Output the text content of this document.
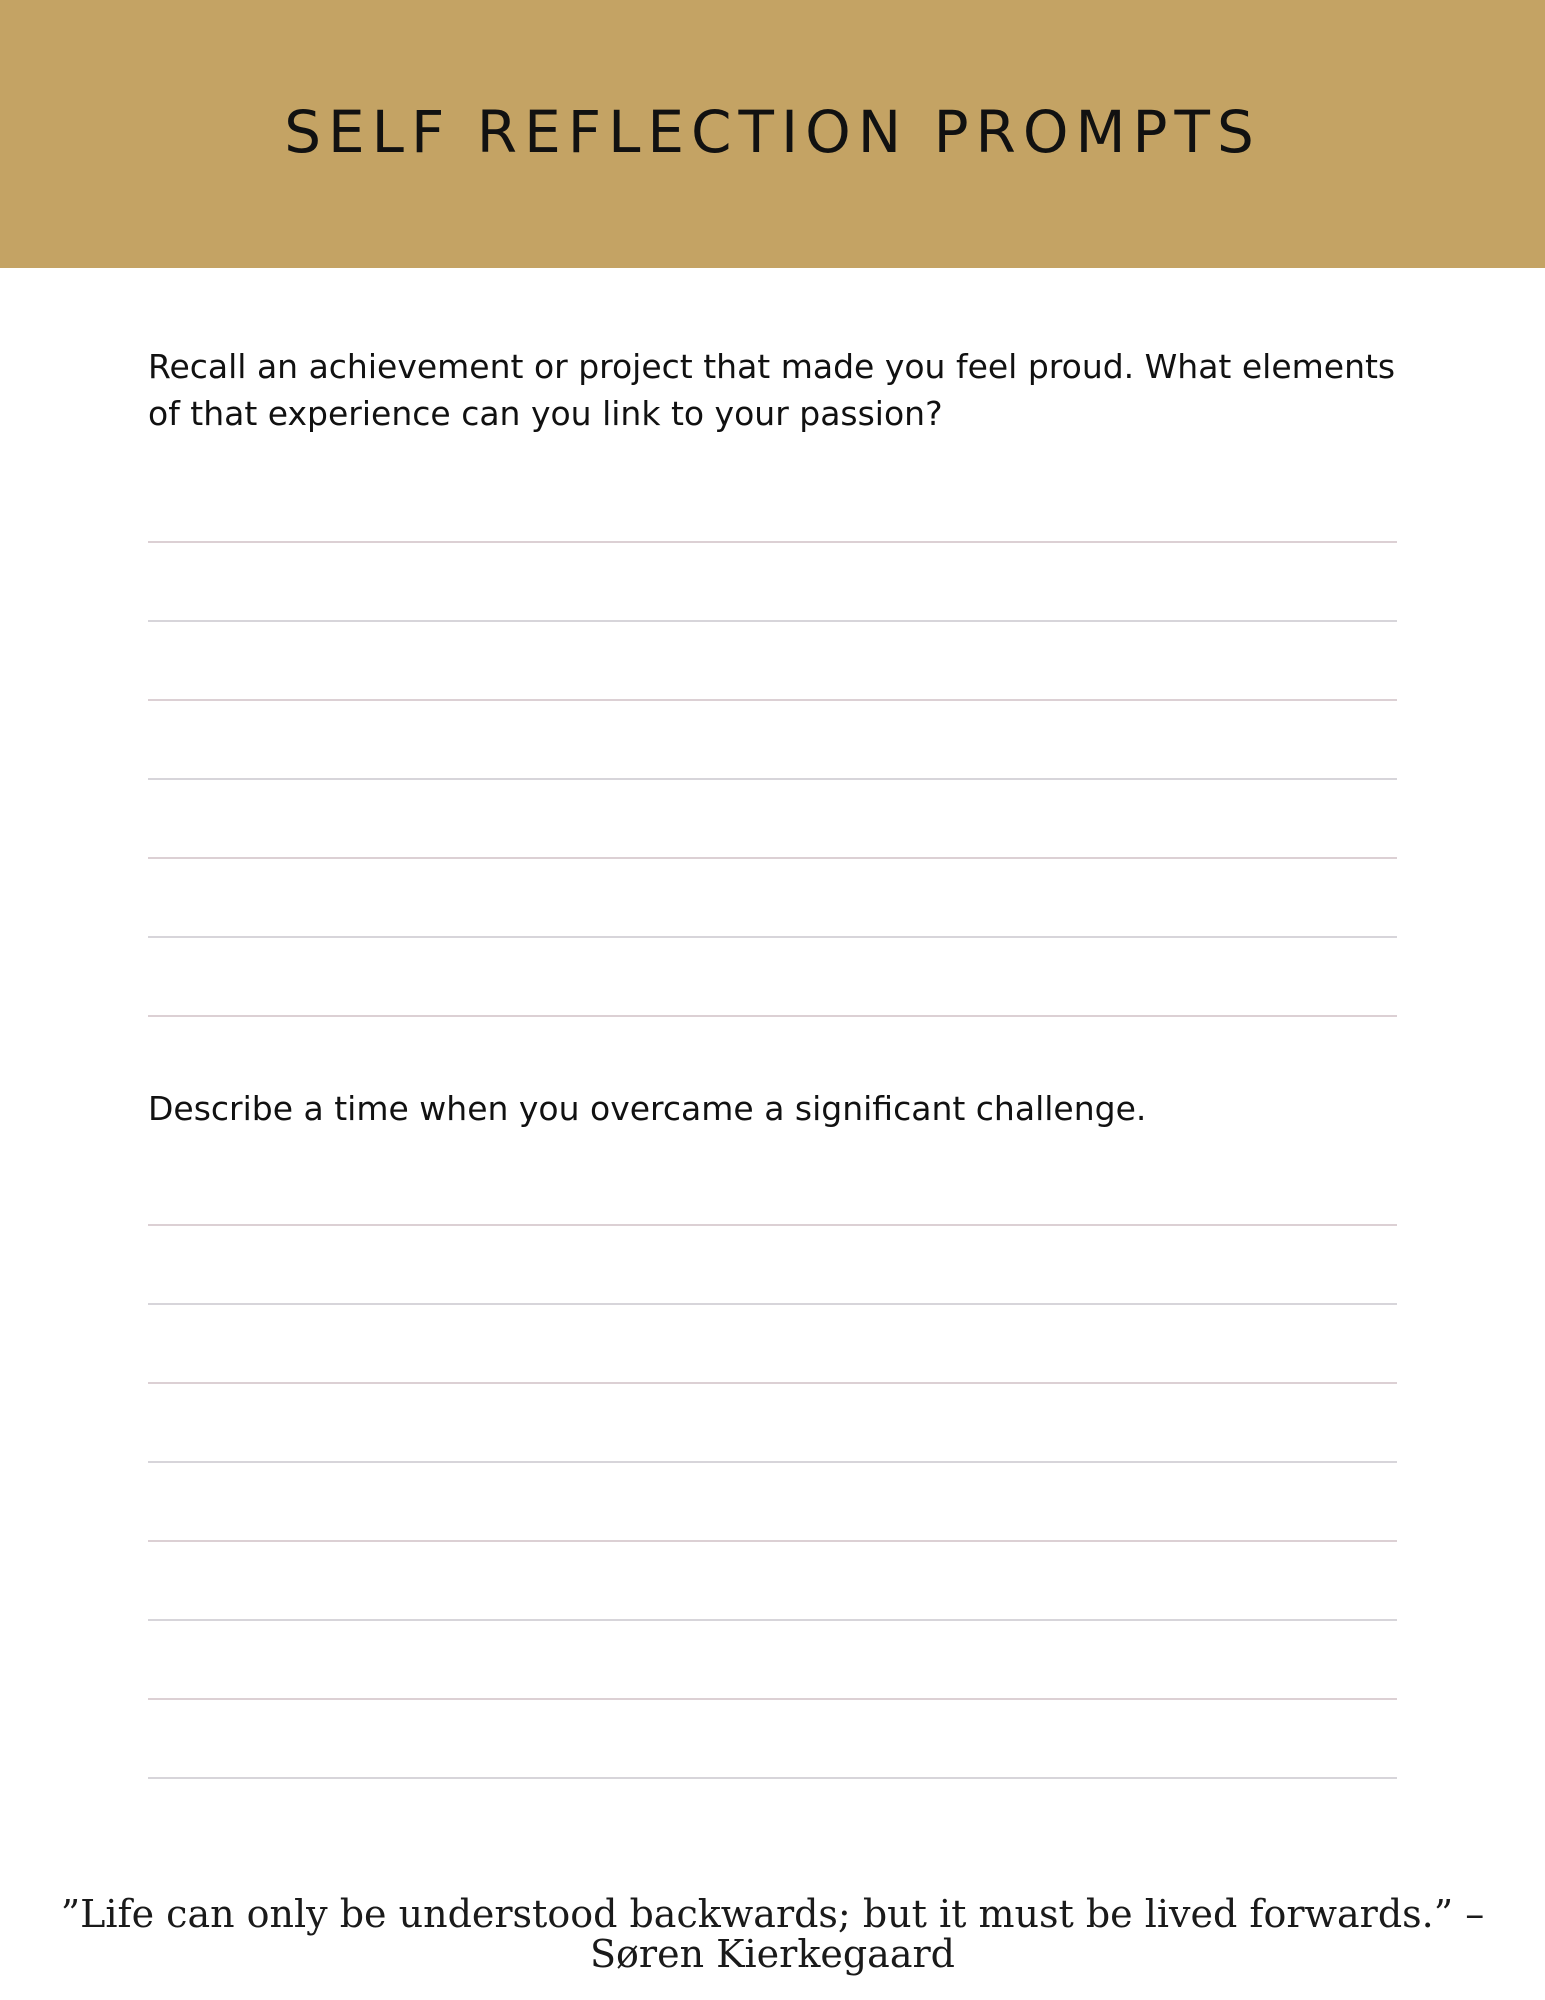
SELF REFLECTION PROMPTS

Recall an achievement or project that made you feel proud. What elements of that experience can you link to your passion?

Describe a time when you overcame a significant challenge.

”Life can only be understood backwards; but it must be lived forwards.” –
Søren Kierkegaard
